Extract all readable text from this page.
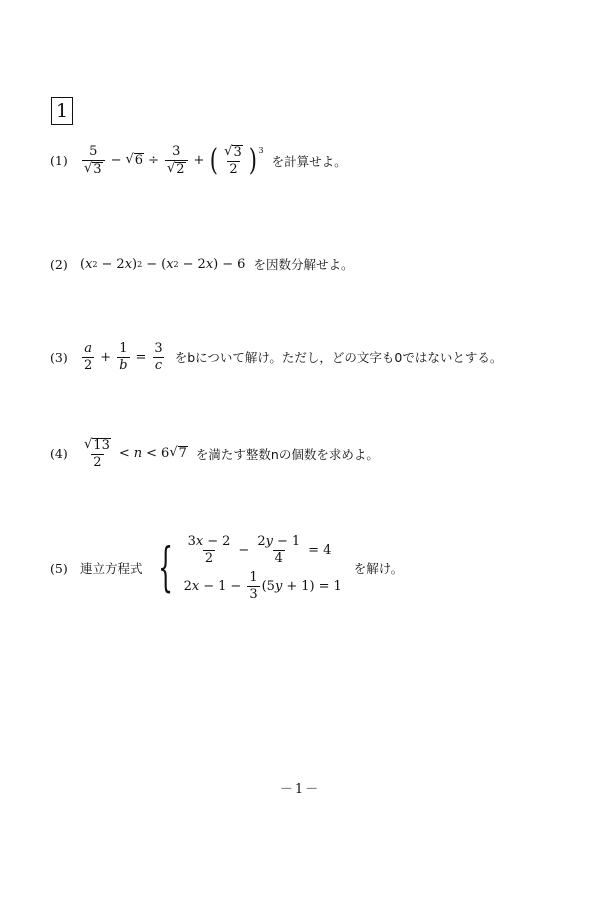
1
(1)	$\frac{5}{√ 3}$ − √ $6 \div \frac{3}{√ 2}$ + ( $\frac{√ 3}{2} )^3$
を計算せよ。
(2) ( x 2 − 2 x ) 2 − ( x 2 − 2 x ) − 6 を因数分解せよ。
(3)	$\frac{a}{2} + \frac{1}{b} = \frac{3}{c}$ をbについて解け。ただし，どの文字も0ではないとする。
(4)	$\frac{√ 13}{2} < n < 6$ √ 7 を満たす整数nの個数を求めよ。
(5) 連立方程式 { $\frac{3x - 2}{2} - \frac{2y - 1}{4} = 4$
2 $x - 1 - \frac{1}{3} (5$ y + 1) = 1
を解け。
－1－
